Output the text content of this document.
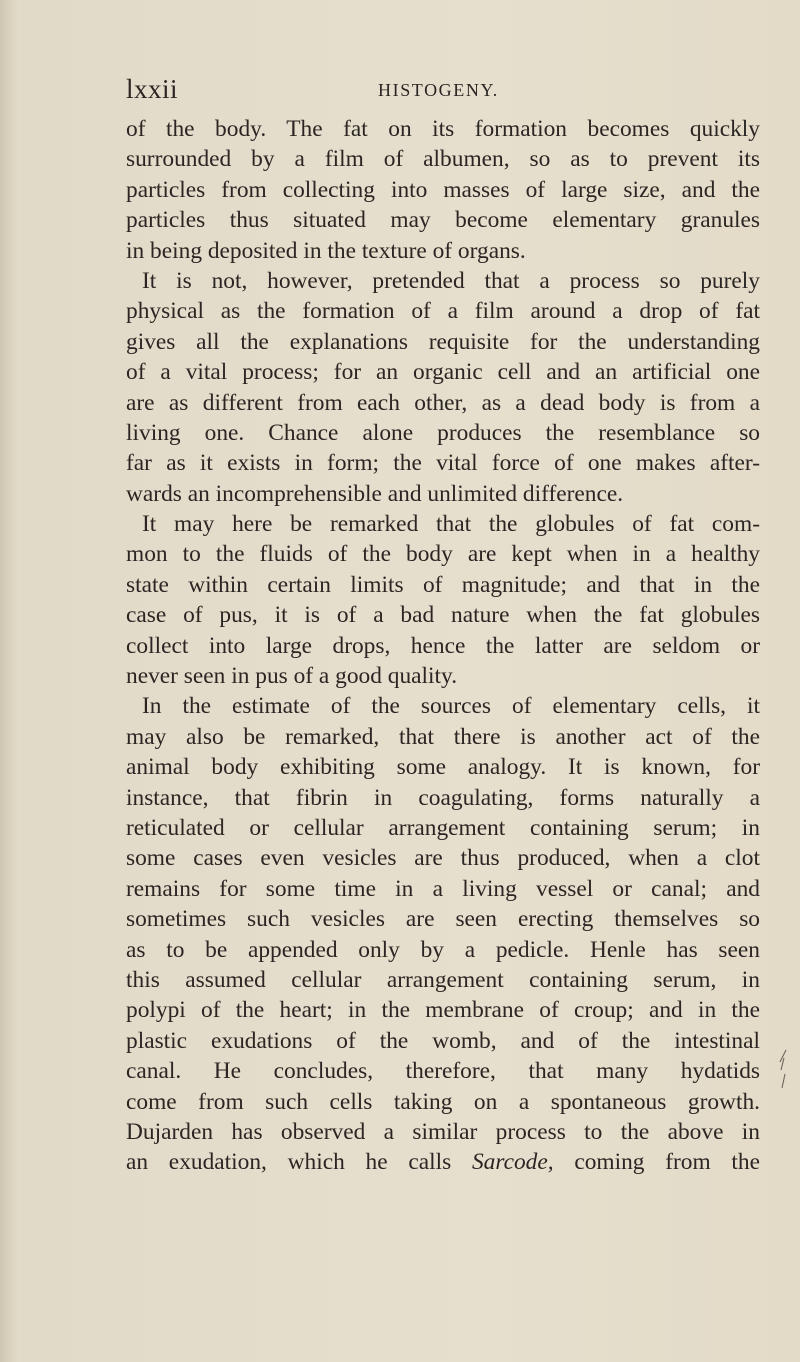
lxxii	HISTOGENY.
of the body. The fat on its formation becomes quickly
surrounded by a film of albumen, so as to prevent its
particles from collecting into masses of large size, and the
particles thus situated may become elementary granules
in being deposited in the texture of organs.
It is not, however, pretended that a process so purely
physical as the formation of a film around a drop of fat
gives all the explanations requisite for the understanding
of a vital process; for an organic cell and an artificial one
are as different from each other, as a dead body is from a
living one. Chance alone produces the resemblance so
far as it exists in form; the vital force of one makes after-
wards an incomprehensible and unlimited difference.
It may here be remarked that the globules of fat com-
mon to the fluids of the body are kept when in a healthy
state within certain limits of magnitude; and that in the
case of pus, it is of a bad nature when the fat globules
collect into large drops, hence the latter are seldom or
never seen in pus of a good quality.
In the estimate of the sources of elementary cells, it
may also be remarked, that there is another act of the
animal body exhibiting some analogy. It is known, for
instance, that fibrin in coagulating, forms naturally a
reticulated or cellular arrangement containing serum; in
some cases even vesicles are thus produced, when a clot
remains for some time in a living vessel or canal; and
sometimes such vesicles are seen erecting themselves so
as to be appended only by a pedicle. Henle has seen
this assumed cellular arrangement containing serum, in
polypi of the heart; in the membrane of croup; and in the
plastic exudations of the womb, and of the intestinal
canal. He concludes, therefore, that many hydatids
come from such cells taking on a spontaneous growth.
Dujarden has observed a similar process to the above in
an exudation, which he calls Sarcode, coming from the
